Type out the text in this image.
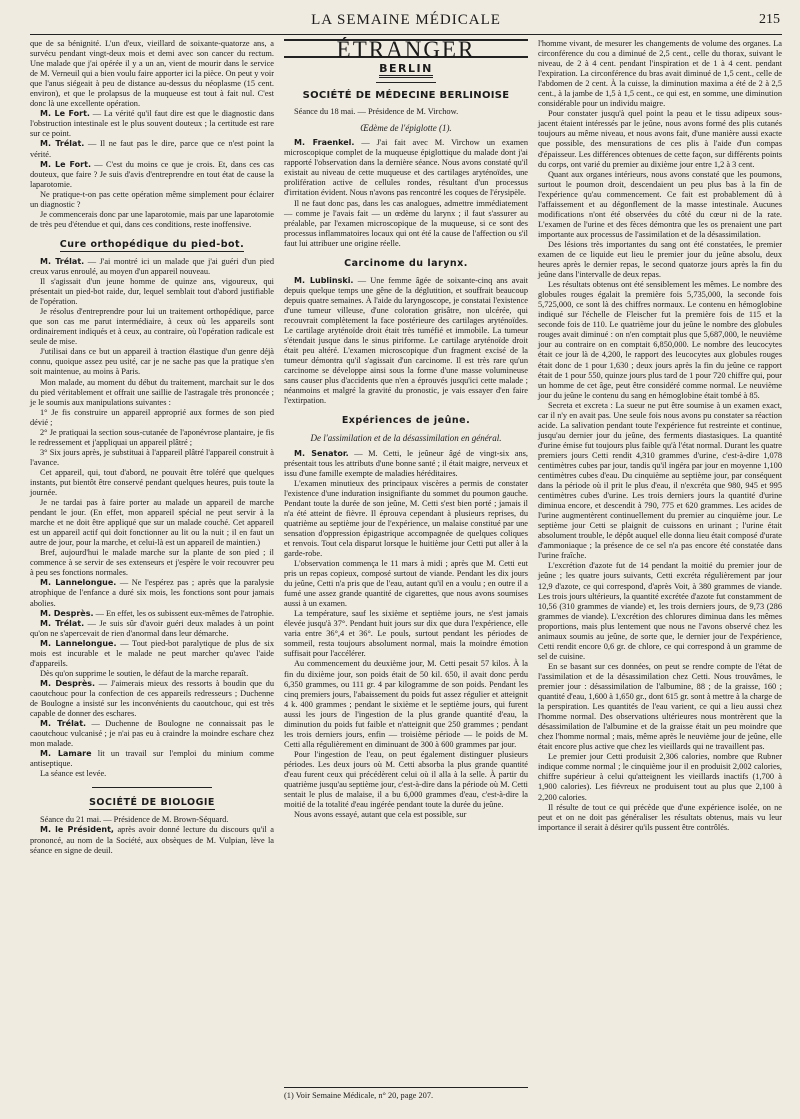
LA SEMAINE MÉDICALE	215

que de sa bénignité. L'un d'eux, vieillard de soixante-quatorze ans, a survécu pendant vingt-deux mois et demi avec son cancer du rectum. Une malade que j'ai opérée il y a un an, vient de mourir dans le service de M. Verneuil qui a bien voulu faire apporter ici la pièce. On peut y voir que l'anus siégeait à peu de distance au-dessus du néoplasme (15 cent. environ), et que le prolapsus de la muqueuse est tout à fait nul. C'est donc là une excellente opération.

M. Le Fort. — La vérité qu'il faut dire est que le diagnostic dans l'obstruction intestinale est le plus souvent douteux ; la certitude est rare sur ce point.

M. Trélat. — Il ne faut pas le dire, parce que ce n'est point la vérité.

M. Le Fort. — C'est du moins ce que je crois. Et, dans ces cas douteux, que faire ? Je suis d'avis d'entreprendre en tout état de cause la laparotomie.

Ne pratique-t-on pas cette opération même simplement pour éclairer un diagnostic ?

Je commencerais donc par une laparotomie, mais par une laparotomie de très peu d'étendue et qui, dans ces conditions, reste inoffensive.

Cure orthopédique du pied-bot.

M. Trélat. — J'ai montré ici un malade que j'ai guéri d'un pied creux varus enroulé, au moyen d'un appareil nouveau.

Il s'agissait d'un jeune homme de quinze ans, vigoureux, qui présentait un pied-bot raide, dur, lequel semblait tout d'abord justifiable de l'opération.

Je résolus d'entreprendre pour lui un traitement orthopédique, parce que son cas me parut intermédiaire, à ceux où les appareils sont ordinairement indiqués et à ceux, au contraire, où l'opération radicale est seule de mise.

J'utilisai dans ce but un appareil à traction élastique d'un genre déjà connu, quoique assez peu usité, car je ne sache pas que la pratique s'en soit maintenue, au moins à Paris.

Mon malade, au moment du début du traitement, marchait sur le dos du pied véritablement et offrait une saillie de l'astragale très prononcée ; je le soumis aux manipulations suivantes :

1° Je fis construire un appareil approprié aux formes de son pied dévié ;

2° Je pratiquai la section sous-cutanée de l'aponévrose plantaire, je fis le redressement et j'appliquai un appareil plâtré ;

3° Six jours après, je substituai à l'appareil plâtré l'appareil construit à l'avance.

Cet appareil, qui, tout d'abord, ne pouvait être toléré que quelques instants, put bientôt être conservé pendant quelques heures, puis toute la journée.

Je ne tardai pas à faire porter au malade un appareil de marche pendant le jour. (En effet, mon appareil spécial ne peut servir à la marche et ne doit être appliqué que sur un malade couché. Cet appareil est un appareil actif qui doit fonctionner au lit ou la nuit ; il en faut un autre de jour, pour la marche, et celui-là est un appareil de maintien.)

Bref, aujourd'hui le malade marche sur la plante de son pied ; il commence à se servir de ses extenseurs et j'espère le voir recouvrer peu à peu ses fonctions normales.

M. Lannelongue. — Ne l'espérez pas ; après que la paralysie atrophique de l'enfance a duré six mois, les fonctions sont pour jamais abolies.

M. Desprès. — En effet, les os subissent eux-mêmes de l'atrophie.

M. Trélat. — Je suis sûr d'avoir guéri deux malades à un point qu'on ne s'apercevait de rien d'anormal dans leur démarche.

M. Lannelongue. — Tout pied-bot paralytique de plus de six mois est incurable et le malade ne peut marcher qu'avec l'aide d'appareils.

Dès qu'on supprime le soutien, le défaut de la marche reparaît.

M. Desprès. — J'aimerais mieux des ressorts à boudin que du caoutchouc pour la confection de ces appareils redresseurs ; Duchenne de Boulogne a insisté sur les inconvénients du caoutchouc, qui est très capable de donner des eschares.

M. Trélat. — Duchenne de Boulogne ne connaissait pas le caoutchouc vulcanisé ; je n'ai pas eu à craindre la moindre eschare chez mon malade.

M. Lamare lit un travail sur l'emploi du minium comme antiseptique.

La séance est levée.

SOCIÉTÉ DE BIOLOGIE

Séance du 21 mai. — Présidence de M. Brown-Séquard.

M. le Président, après avoir donné lecture du discours qu'il a prononcé, au nom de la Société, aux obsèques de M. Vulpian, lève la séance en signe de deuil.

ÉTRANGER
BERLIN
SOCIÉTÉ DE MÉDECINE BERLINOISE

Séance du 18 mai. — Présidence de M. Virchow.

Œdème de l'épiglotte (1).

M. Fraenkel. — J'ai fait avec M. Virchow un examen microscopique complet de la muqueuse épiglottique du malade dont j'ai rapporté l'observation dans la dernière séance. Nous avons constaté qu'il existait au niveau de cette muqueuse et des cartilages aryténoïdes, une prolifération active de cellules rondes, résultant d'un processus d'irritation évident. Nous n'avons pas rencontré les coques de l'érysipèle.

Il ne faut donc pas, dans les cas analogues, admettre immédiatement — comme je l'avais fait — un œdème du larynx ; il faut s'assurer au préalable, par l'examen microscopique de la muqueuse, si ce sont des processus inflammatoires locaux qui ont été la cause de l'affection ou s'il faut lui attribuer une origine réelle.

Carcinome du larynx.

M. Lublinski. — Une femme âgée de soixante-cinq ans avait depuis quelque temps une gêne de la déglutition, et souffrait beaucoup depuis quatre semaines. À l'aide du laryngoscope, je constatai l'existence d'une tumeur villeuse, d'une coloration grisâtre, non ulcérée, qui recouvrait complètement la face postérieure des cartilages aryténoïdes. Le cartilage aryténoïde droit était très tuméfié et immobile. La tumeur s'étendait jusque dans le sinus piriforme. Le cartilage aryténoïde droit était peu altéré. L'examen microscopique d'un fragment excisé de la tumeur démontra qu'il s'agissait d'un carcinome. Il est très rare qu'un carcinome se développe ainsi sous la forme d'une masse volumineuse sans causer plus d'accidents que n'en a éprouvés jusqu'ici cette malade ; néanmoins et malgré la gravité du pronostic, je vais essayer d'en faire l'extirpation.

Expériences de jeûne.
De l'assimilation et de la désassimilation en général.

M. Senator. — M. Cetti, le jeûneur âgé de vingt-six ans, présentait tous les attributs d'une bonne santé ; il était maigre, nerveux et issu d'une famille exempte de maladies héréditaires.

L'examen minutieux des principaux viscères a permis de constater l'existence d'une induration insignifiante du sommet du poumon gauche. Pendant toute la durée de son jeûne, M. Cetti s'est bien porté ; jamais il n'a été atteint de fièvre. Il éprouva cependant à plusieurs reprises, du quatrième au septième jour de l'expérience, un malaise constitué par une sensation d'oppression épigastrique accompagnée de quelques coliques et renvois. Tout cela disparut lorsque le huitième jour Cetti put aller à la garde-robe.

L'observation commença le 11 mars à midi ; après que M. Cetti eut pris un repas copieux, composé surtout de viande. Pendant les dix jours du jeûne, Cetti n'a pris que de l'eau, autant qu'il en a voulu ; en outre il a fumé une assez grande quantité de cigarettes, que nous avons soumises aussi à un examen.

La température, sauf les sixième et septième jours, ne s'est jamais élevée jusqu'à 37°. Pendant huit jours sur dix que dura l'expérience, elle varia entre 36°,4 et 36°. Le pouls, surtout pendant les périodes de sommeil, resta toujours absolument normal, mais la moindre émotion suffisait pour l'accélérer.

Au commencement du deuxième jour, M. Cetti pesait 57 kilos. À la fin du dixième jour, son poids était de 50 kil. 650, il avait donc perdu 6,350 grammes, ou 111 gr. 4 par kilogramme de son poids. Pendant les cinq premiers jours, l'abaissement du poids fut assez régulier et atteignit 4 k. 400 grammes ; pendant le sixième et le septième jours, qui furent aussi les jours de l'ingestion de la plus grande quantité d'eau, la diminution du poids fut faible et n'atteignit que 250 grammes ; pendant les trois derniers jours, enfin — troisième période — le poids de M. Cetti alla régulièrement en diminuant de 300 à 600 grammes par jour.

Pour l'ingestion de l'eau, on peut également distinguer plusieurs périodes. Les deux jours où M. Cetti absorba la plus grande quantité d'eau furent ceux qui précédèrent celui où il alla à la selle. À partir du quatrième jusqu'au septième jour, c'est-à-dire dans la période où M. Cetti sentait le plus de malaise, il a bu 6,000 grammes d'eau, c'est-à-dire la moitié de la totalité d'eau ingérée pendant toute la durée du jeûne.

Nous avons essayé, autant que cela est possible, sur

(1) Voir Semaine Médicale, n° 20, page 207.

l'homme vivant, de mesurer les changements de volume des organes. La circonférence du cou a diminué de 2,5 cent., celle du thorax, suivant le niveau, de 2 à 4 cent. pendant l'inspiration et de 1 à 4 cent. pendant l'expiration. La circonférence du bras avait diminué de 1,5 cent., celle de l'abdomen de 2 cent. À la cuisse, la diminution maxima a été de 2 à 2,5 cent., à la jambe de 1,5 à 1,5 cent., ce qui est, en somme, une diminution considérable pour un individu maigre.

Pour constater jusqu'à quel point la peau et le tissu adipeux sous-jacent étaient intéressés par le jeûne, nous avons formé des plis cutanés toujours au même niveau, et nous avons fait, d'une manière aussi exacte que possible, des mensurations de ces plis à l'aide d'un compas d'épaisseur. Les différences obtenues de cette façon, sur différents points du corps, ont varié du premier au dixième jour entre 1,2 à 3 cent.

Quant aux organes intérieurs, nous avons constaté que les poumons, surtout le poumon droit, descendaient un peu plus bas à la fin de l'expérience qu'au commencement. Ce fait est probablement dû à l'affaissement et au dégonflement de la masse intestinale. Aucunes modifications n'ont été observées du côté du cœur ni de la rate. L'examen de l'urine et des fèces démontra que les os prenaient une part importante aux processus de l'assimilation et de la désassimilation.

Des lésions très importantes du sang ont été constatées, le premier examen de ce liquide eut lieu le premier jour du jeûne absolu, deux heures après le dernier repas, le second quatorze jours après la fin du jeûne dans l'intervalle de deux repas.

Les résultats obtenus ont été sensiblement les mêmes. Le nombre des globules rouges égalait la première fois 5,735,000, la seconde fois 5,725,000, ce sont là des chiffres normaux. Le contenu en hémoglobine indiqué sur l'échelle de Fleischer fut la première fois de 115 et la seconde fois de 110. Le quatrième jour du jeûne le nombre des globules rouges avait diminué : on n'en comptait plus que 5,687,000, le neuvième jour au contraire on en comptait 6,850,000. Le nombre des leucocytes était ce jour là de 4,200, le rapport des leucocytes aux globules rouges était donc de 1 pour 1,630 ; deux jours après la fin du jeûne ce rapport était de 1 pour 550, quinze jours plus tard de 1 pour 720 chiffre qui, pour un homme de cet âge, peut être considéré comme normal. Le neuvième jour du jeûne le contenu du sang en hémoglobine était tombé à 85.

Secreta et excreta : La sueur ne put être soumise à un examen exact, car il n'y en avait pas. Une seule fois nous avons pu constater sa réaction acide. La salivation pendant toute l'expérience fut restreinte et continue, jusqu'au dernier jour du jeûne, des ferments diastasiques. La quantité d'urine émise fut toujours plus faible qu'à l'état normal. Durant les quatre premiers jours Cetti rendit 4,310 grammes d'urine, c'est-à-dire 1,078 centimètres cubes par jour, tandis qu'il ingéra par jour en moyenne 1,100 centimètres cubes d'eau. Du cinquième au septième jour, par conséquent dans la période où il prit le plus d'eau, il n'excréta que 980, 945 et 995 centimètres cubes d'urine. Les trois derniers jours la quantité d'urine diminua encore, et descendit à 790, 775 et 620 grammes. Les acides de l'urine augmentèrent continuellement du premier au cinquième jour. Le septième jour Cetti se plaignit de cuissons en urinant ; l'urine était absolument trouble, le dépôt auquel elle donna lieu était composé d'urate d'ammoniaque ; la présence de ce sel n'a pas encore été constatée dans l'urine fraîche.

L'excrétion d'azote fut de 14 pendant la moitié du premier jour de jeûne ; les quatre jours suivants, Cetti excréta régulièrement par jour 12,9 d'azote, ce qui correspond, d'après Voit, à 380 grammes de viande. Les trois jours ultérieurs, la quantité excrétée d'azote fut constamment de 10,56 (310 grammes de viande) et, les trois derniers jours, de 9,73 (286 grammes de viande). L'excrétion des chlorures diminua dans les mêmes proportions, mais plus lentement que nous ne l'avons observé chez les animaux soumis au jeûne, de sorte que, le dernier jour de l'expérience, Cetti rendit encore 0,6 gr. de chlore, ce qui correspond à un gramme de sel de cuisine.

En se basant sur ces données, on peut se rendre compte de l'état de l'assimilation et de la désassimilation chez Cetti. Nous trouvâmes, le premier jour : désassimilation de l'albumine, 88 ; de la graisse, 160 ; quantité d'eau, 1,600 à 1,650 gr., dont 615 gr. sont à mettre à la charge de la perspiration. Les quantités de l'eau varient, ce qui a lieu aussi chez l'homme normal. Des observations ultérieures nous montrèrent que la désassimilation de l'albumine et de la graisse était un peu moindre que chez l'homme normal ; mais, même après le neuvième jour de jeûne, elle était encore plus active que chez les vieillards qui ne travaillent pas.

Le premier jour Cetti produisit 2,306 calories, nombre que Rubner indique comme normal ; le cinquième jour il en produisit 2,002 calories, chiffre supérieur à celui qu'atteignent les vieillards inactifs (1,700 à 1,900 calories). Les fiévreux ne produisent tout au plus que 2,100 à 2,200 calories.

Il résulte de tout ce qui précède que d'une expérience isolée, on ne peut et on ne doit pas généraliser les résultats obtenus, mais vu leur importance il serait à désirer qu'ils pussent être contrôlés.
